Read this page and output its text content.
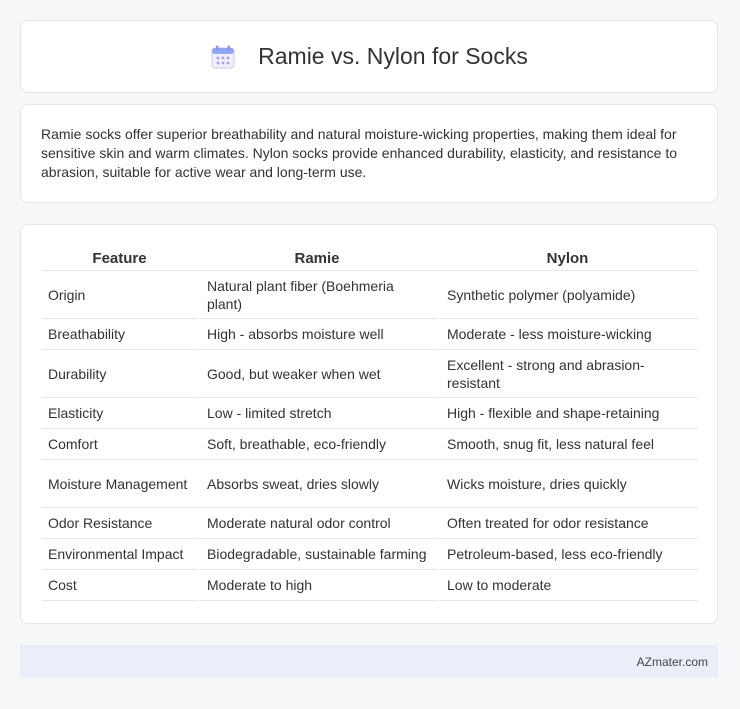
Ramie vs. Nylon for Socks

Ramie socks offer superior breathability and natural moisture-wicking properties, making them ideal for sensitive skin and warm climates. Nylon socks provide enhanced durability, elasticity, and resistance to abrasion, suitable for active wear and long-term use.

Feature	Ramie	Nylon
Origin	Natural plant fiber (Boehmeria plant)	Synthetic polymer (polyamide)
Breathability	High - absorbs moisture well	Moderate - less moisture-wicking
Durability	Good, but weaker when wet	Excellent - strong and abrasion-resistant
Elasticity	Low - limited stretch	High - flexible and shape-retaining
Comfort	Soft, breathable, eco-friendly	Smooth, snug fit, less natural feel
Moisture Management	Absorbs sweat, dries slowly	Wicks moisture, dries quickly
Odor Resistance	Moderate natural odor control	Often treated for odor resistance
Environmental Impact	Biodegradable, sustainable farming	Petroleum-based, less eco-friendly
Cost	Moderate to high	Low to moderate
AZmater.com
